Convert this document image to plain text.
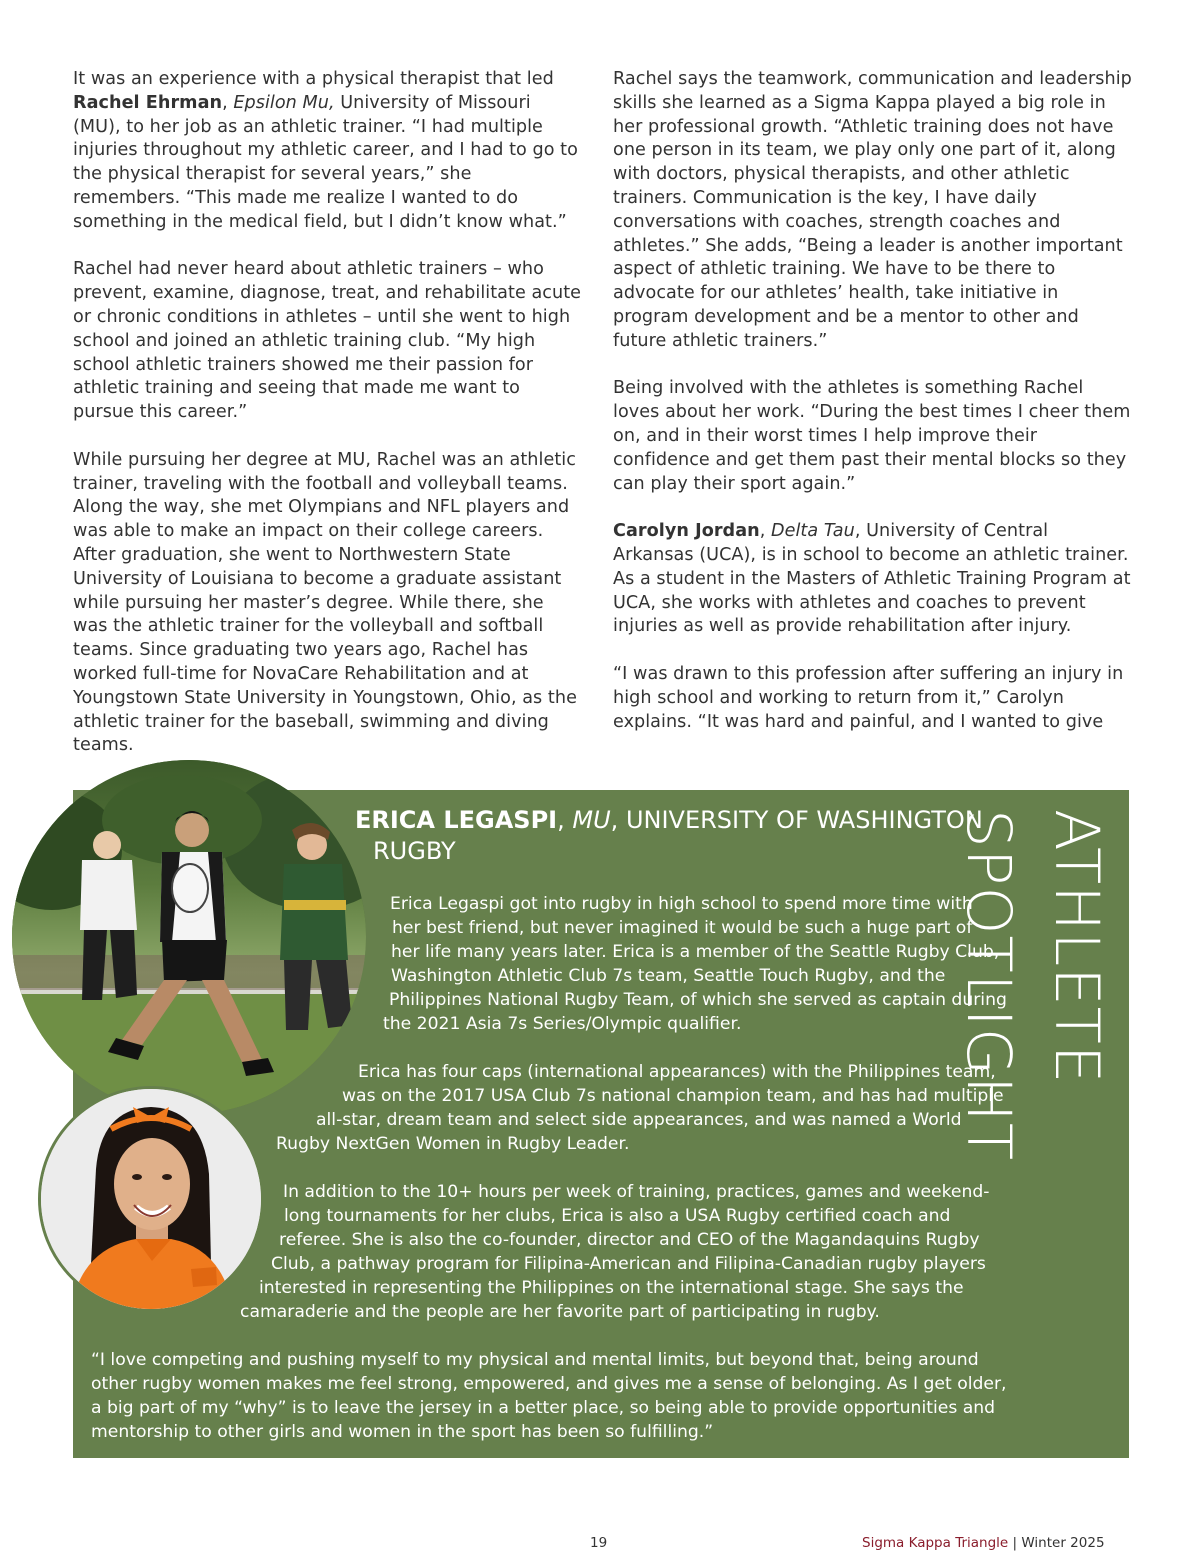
It was an experience with a physical therapist that led Rachel Ehrman, Epsilon Mu, University of Missouri (MU), to her job as an athletic trainer. “I had multiple injuries throughout my athletic career, and I had to go to the physical therapist for several years,” she remembers. “This made me realize I wanted to do something in the medical field, but I didn’t know what.”

Rachel had never heard about athletic trainers – who prevent, examine, diagnose, treat, and rehabilitate acute or chronic conditions in athletes – until she went to high school and joined an athletic training club. “My high school athletic trainers showed me their passion for athletic training and seeing that made me want to pursue this career.”

While pursuing her degree at MU, Rachel was an athletic trainer, traveling with the football and volleyball teams. Along the way, she met Olympians and NFL players and was able to make an impact on their college careers. After graduation, she went to Northwestern State University of Louisiana to become a graduate assistant while pursuing her master’s degree. While there, she was the athletic trainer for the volleyball and softball teams. Since graduating two years ago, Rachel has worked full-time for NovaCare Rehabilitation and at Youngstown State University in Youngstown, Ohio, as the athletic trainer for the baseball, swimming and diving teams.

Rachel says the teamwork, communication and leadership skills she learned as a Sigma Kappa played a big role in her professional growth. “Athletic training does not have one person in its team, we play only one part of it, along with doctors, physical therapists, and other athletic trainers. Communication is the key, I have daily conversations with coaches, strength coaches and athletes.” She adds, “Being a leader is another important aspect of athletic training. We have to be there to advocate for our athletes’ health, take initiative in program development and be a mentor to other and future athletic trainers.”

Being involved with the athletes is something Rachel loves about her work. “During the best times I cheer them on, and in their worst times I help improve their confidence and get them past their mental blocks so they can play their sport again.”

Carolyn Jordan, Delta Tau, University of Central Arkansas (UCA), is in school to become an athletic trainer. As a student in the Masters of Athletic Training Program at UCA, she works with athletes and coaches to prevent injuries as well as provide rehabilitation after injury.

“I was drawn to this profession after suffering an injury in high school and working to return from it,” Carolyn explains. “It was hard and painful, and I wanted to give

ATHLETE SPOTLIGHT
ERICA LEGASPI, MU, UNIVERSITY OF WASHINGTON
RUGBY
Erica Legaspi got into rugby in high school to spend more time with
her best friend, but never imagined it would be such a huge part of
her life many years later. Erica is a member of the Seattle Rugby Club,
Washington Athletic Club 7s team, Seattle Touch Rugby, and the
Philippines National Rugby Team, of which she served as captain during
the 2021 Asia 7s Series/Olympic qualifier.
Erica has four caps (international appearances) with the Philippines team,
was on the 2017 USA Club 7s national champion team, and has had multiple
all-star, dream team and select side appearances, and was named a World
Rugby NextGen Women in Rugby Leader.
In addition to the 10+ hours per week of training, practices, games and weekend-
long tournaments for her clubs, Erica is also a USA Rugby certified coach and
referee. She is also the co-founder, director and CEO of the Magandaquins Rugby
Club, a pathway program for Filipina-American and Filipina-Canadian rugby players
interested in representing the Philippines on the international stage. She says the
camaraderie and the people are her favorite part of participating in rugby.
“I love competing and pushing myself to my physical and mental limits, but beyond that, being around
other rugby women makes me feel strong, empowered, and gives me a sense of belonging. As I get older,
a big part of my “why” is to leave the jersey in a better place, so being able to provide opportunities and
mentorship to other girls and women in the sport has been so fulfilling.”
19	Sigma Kappa Triangle | Winter 2025
